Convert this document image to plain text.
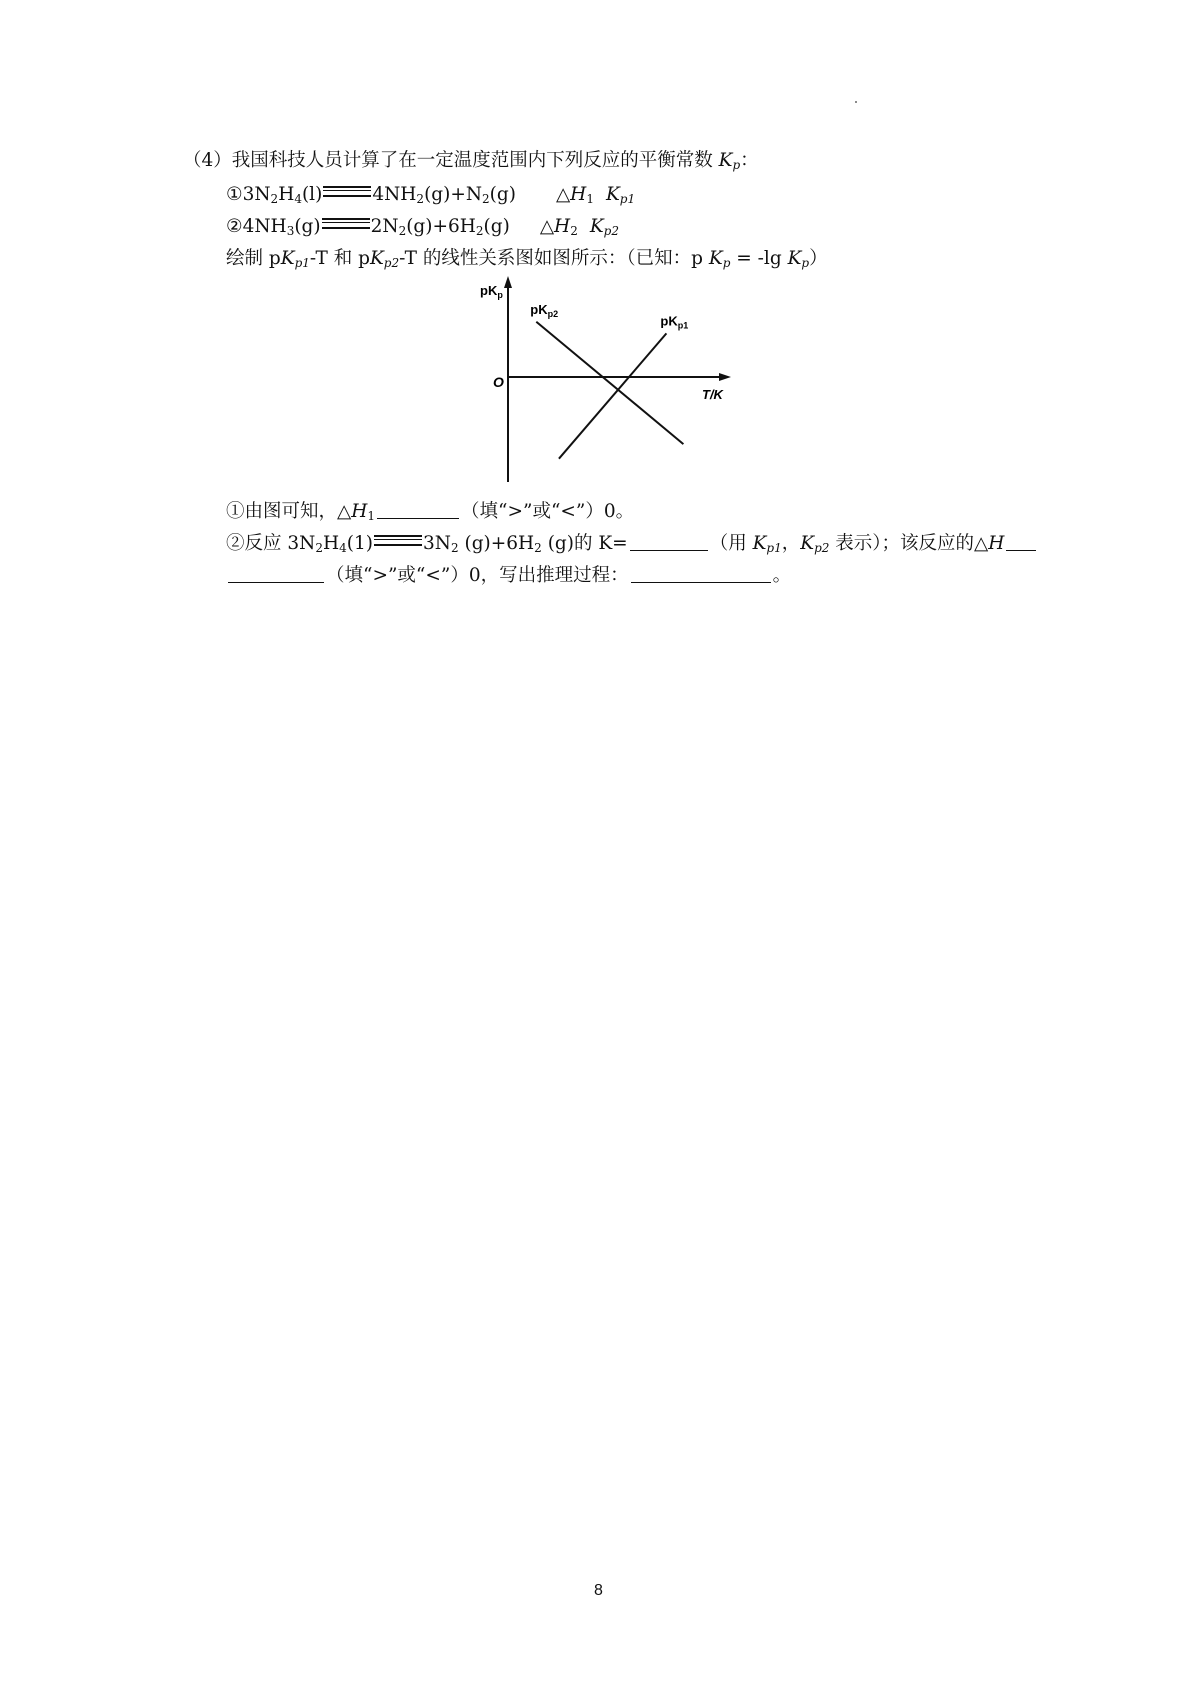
（4）我国科技人员计算了在一定温度范围内下列反应的平衡常数 $K_p$：
$①3N_2H_4(l)$	$4NH_2(g)+N_2(g)$ $\triangle H_1$ $K_{p1}$
$②4NH_3(g)$	$2N_2(g)+6H_2(g)$ $\triangle H_2$ $K_{p2}$
绘制 $pK_{p1}-T$ 和 $pK_{p2}-T$ 的线性关系图如图所示：（已知：p $K_p = -\lg$ $K_p$）
$pK_p$
T/K
O
$pK_{p2}$	$pK_{p1}$
①由图可知，$\triangle H_1$	（填“>”或“<”）0。
②反应 $3N_2H_4(1)$	$3N_2$ $(g)+6H_2$ (g)的 K=	（用 $K_{p1}$，$K_{p2}$ 表示）；该反应的△H
（填“>”或“<”）0，写出推理过程：	。
8
